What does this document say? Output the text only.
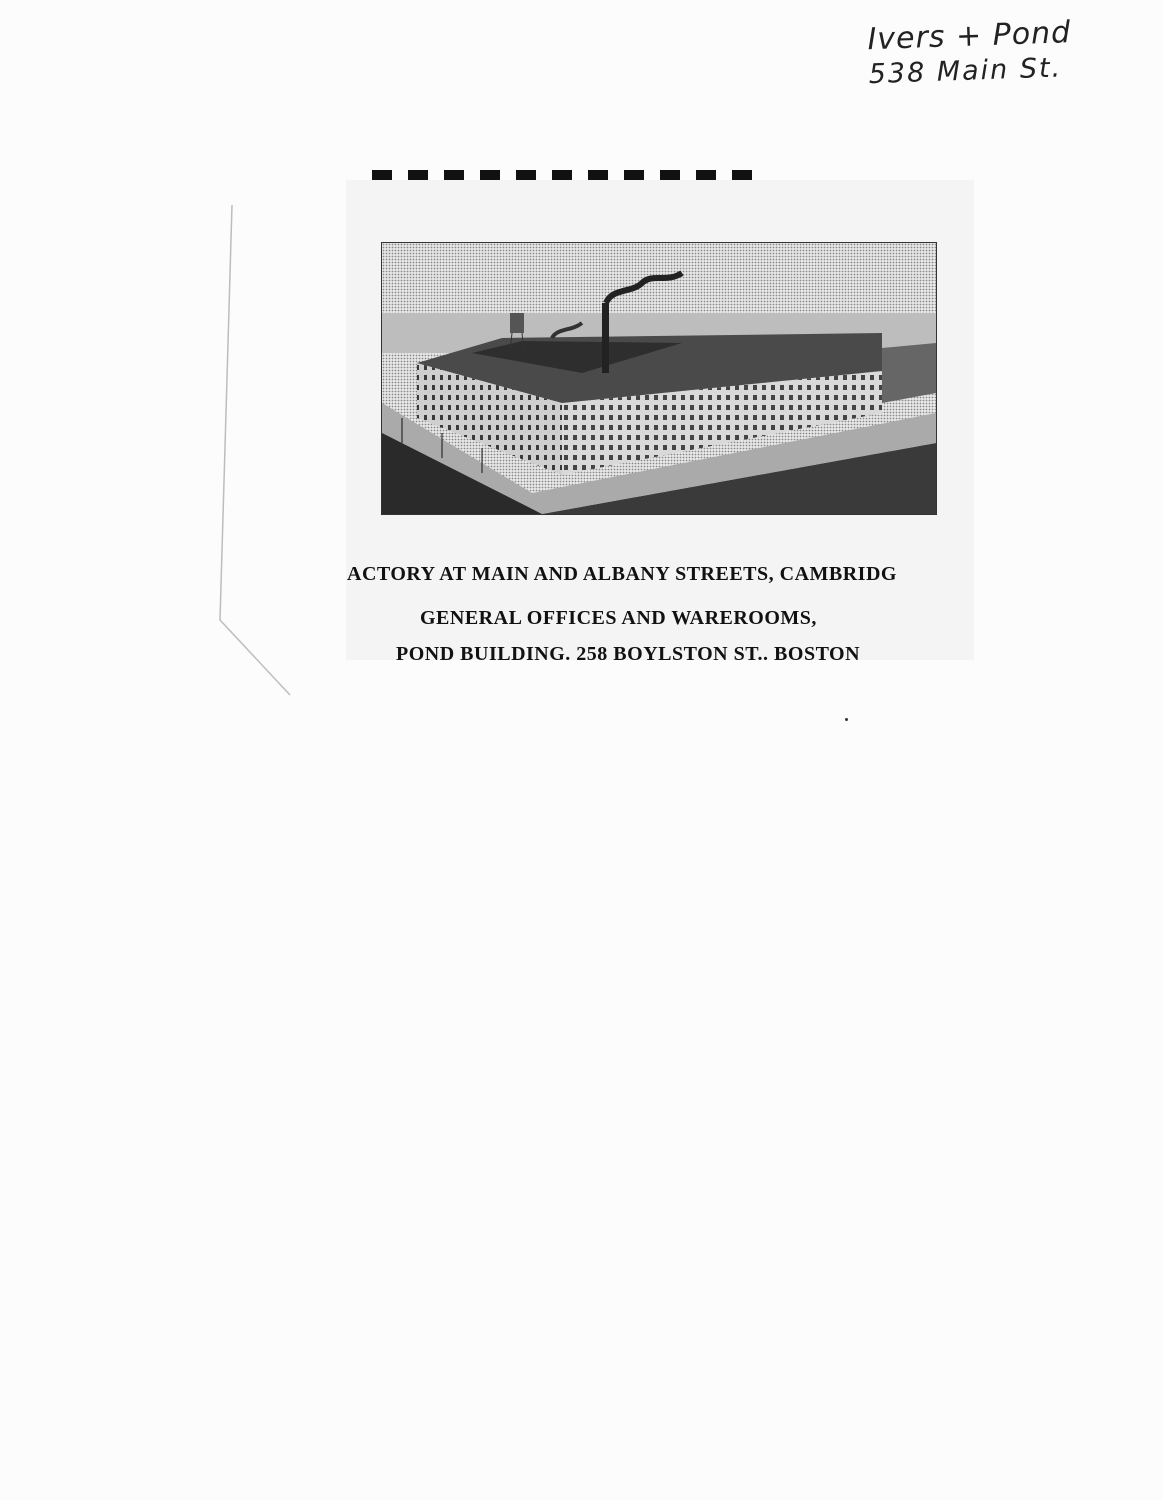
Ivers + Pond
538 Main St.
ACTORY AT MAIN AND ALBANY STREETS, CAMBRIDG
GENERAL OFFICES AND WAREROOMS,
POND BUILDING. 258 BOYLSTON ST.. BOSTON
